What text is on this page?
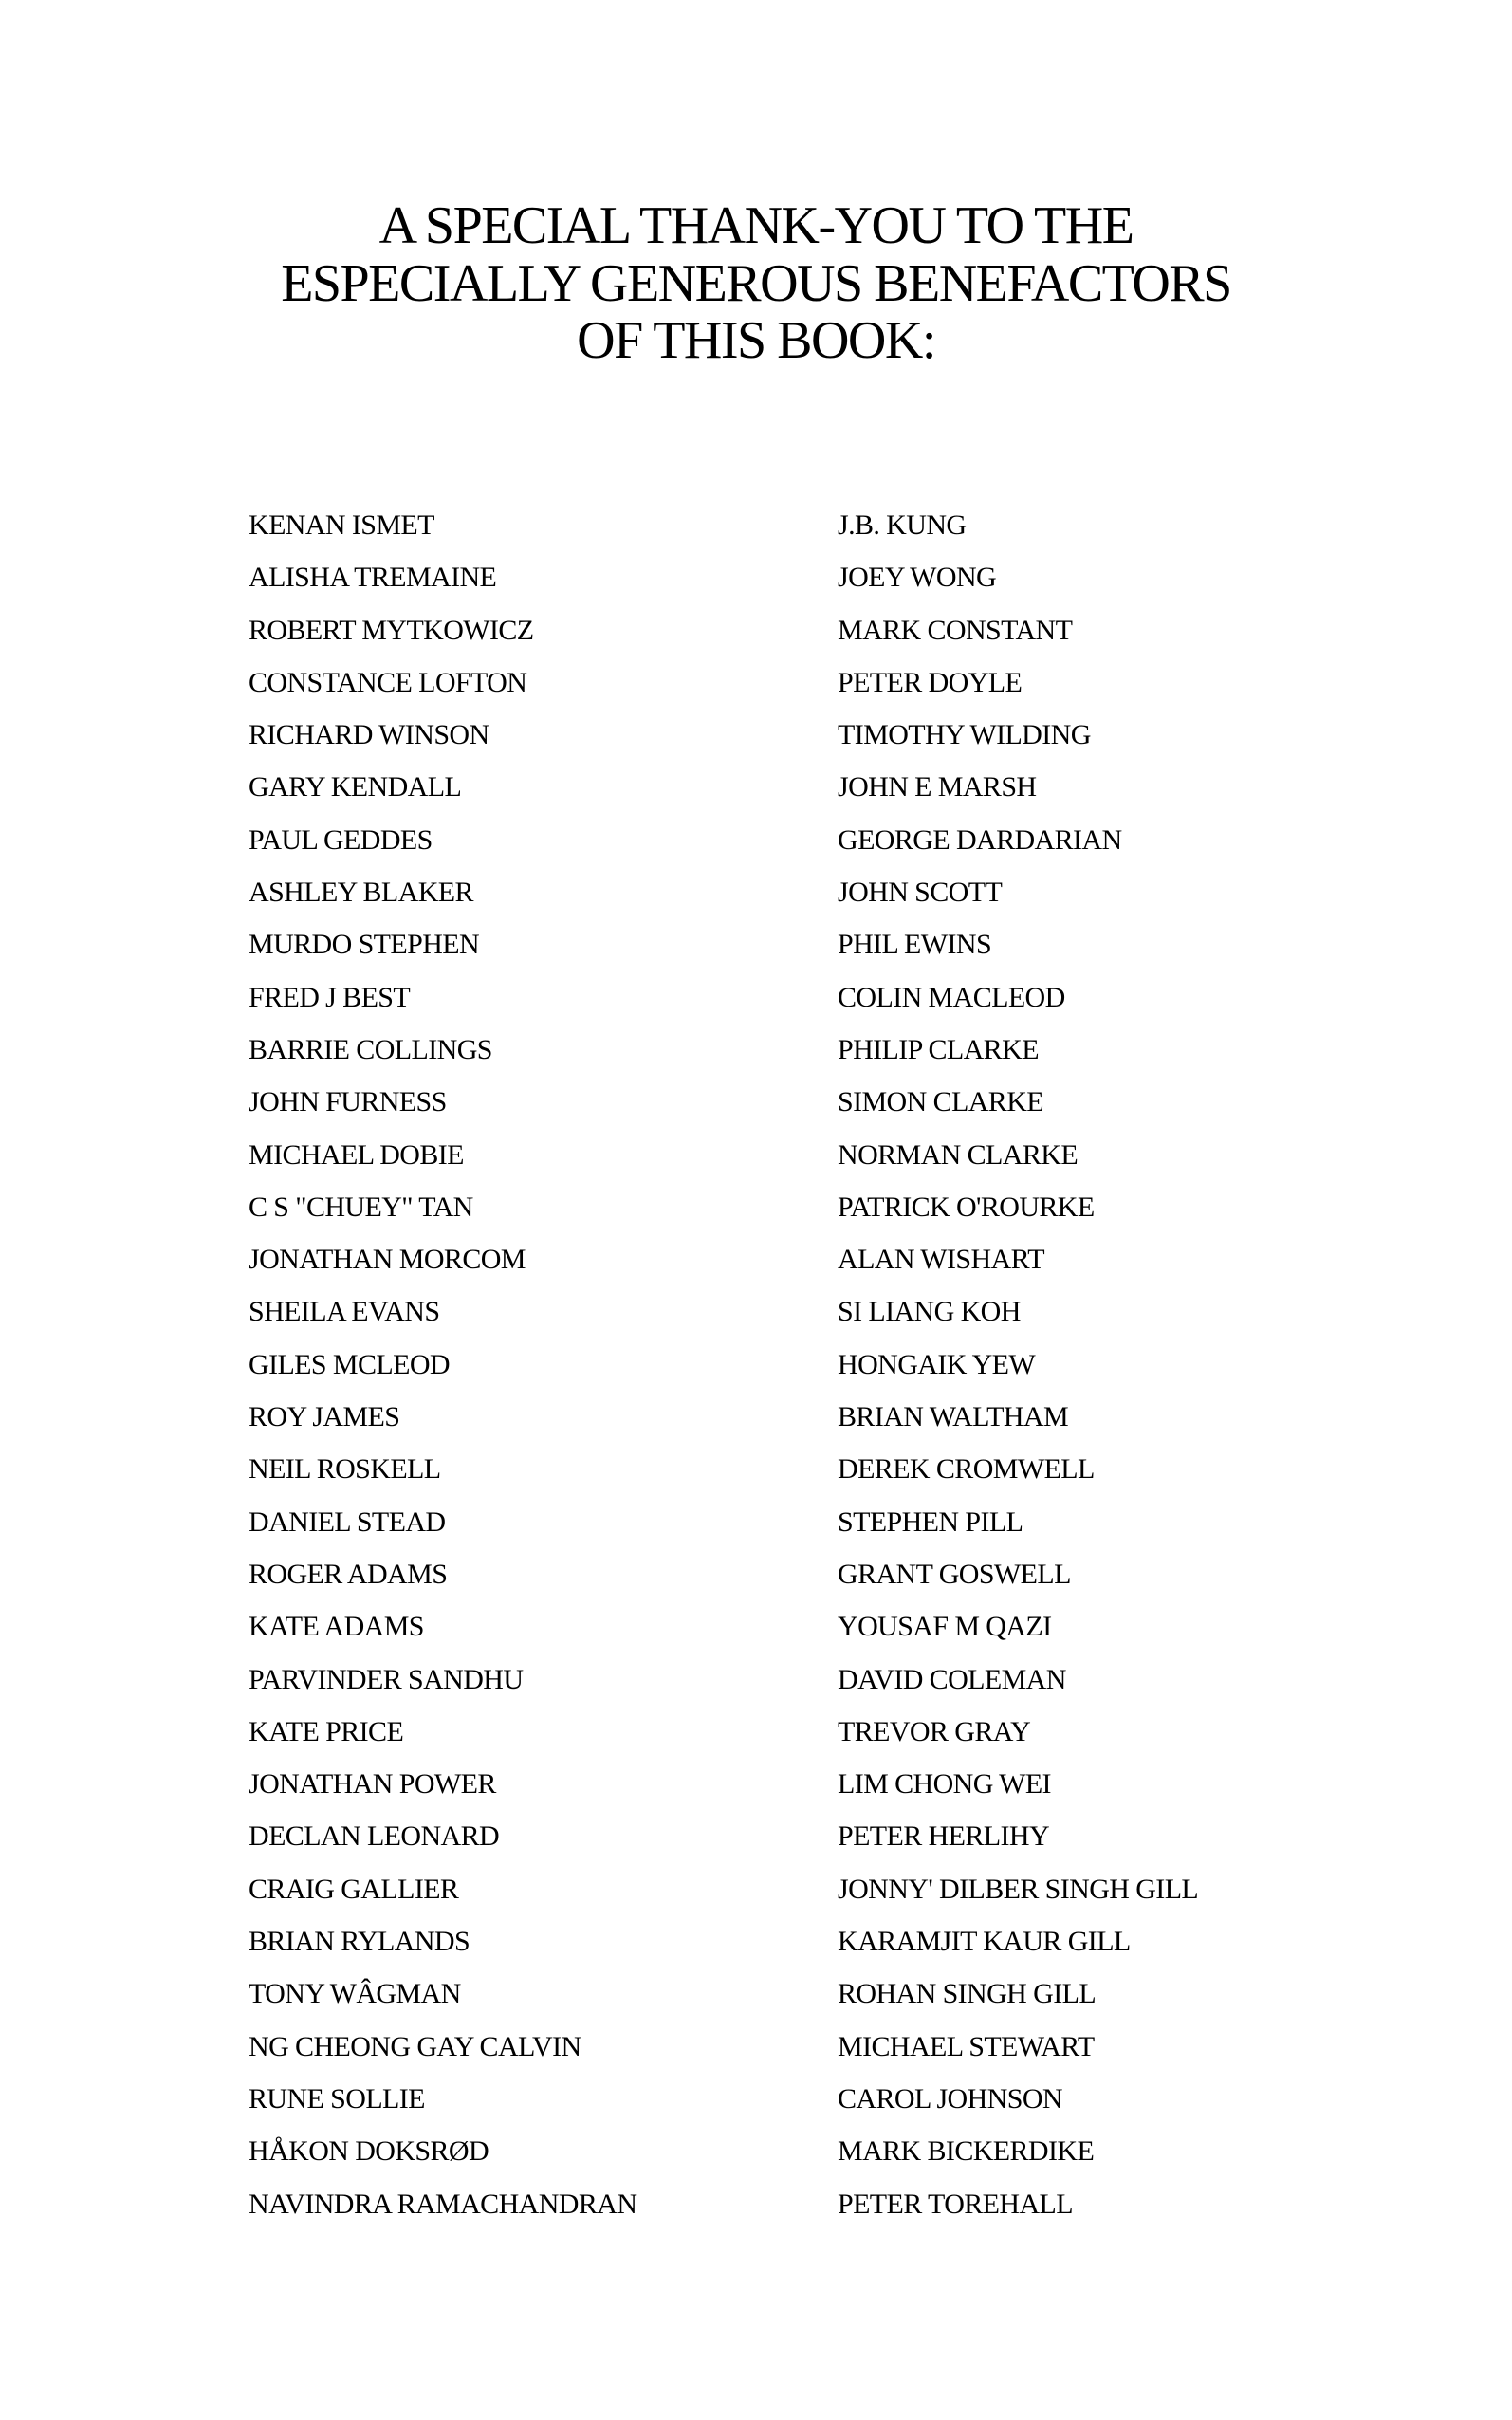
A SPECIAL THANK-YOU TO THE
ESPECIALLY GENEROUS BENEFACTORS
OF THIS BOOK:
KENAN ISMET
ALISHA TREMAINE
ROBERT MYTKOWICZ
CONSTANCE LOFTON
RICHARD WINSON
GARY KENDALL
PAUL GEDDES
ASHLEY BLAKER
MURDO STEPHEN
FRED J BEST
BARRIE COLLINGS
JOHN FURNESS
MICHAEL DOBIE
C S "CHUEY" TAN
JONATHAN MORCOM
SHEILA EVANS
GILES MCLEOD
ROY JAMES
NEIL ROSKELL
DANIEL STEAD
ROGER ADAMS
KATE ADAMS
PARVINDER SANDHU
KATE PRICE
JONATHAN POWER
DECLAN LEONARD
CRAIG GALLIER
BRIAN RYLANDS
TONY WÂGMAN
NG CHEONG GAY CALVIN
RUNE SOLLIE
HÅKON DOKSRØD
NAVINDRA RAMACHANDRAN
J.B. KUNG
JOEY WONG
MARK CONSTANT
PETER DOYLE
TIMOTHY WILDING
JOHN E MARSH
GEORGE DARDARIAN
JOHN SCOTT
PHIL EWINS
COLIN MACLEOD
PHILIP CLARKE
SIMON CLARKE
NORMAN CLARKE
PATRICK O'ROURKE
ALAN WISHART
SI LIANG KOH
HONGAIK YEW
BRIAN WALTHAM
DEREK CROMWELL
STEPHEN PILL
GRANT GOSWELL
YOUSAF M QAZI
DAVID COLEMAN
TREVOR GRAY
LIM CHONG WEI
PETER HERLIHY
JONNY' DILBER SINGH GILL
KARAMJIT KAUR GILL
ROHAN SINGH GILL
MICHAEL STEWART
CAROL JOHNSON
MARK BICKERDIKE
PETER TOREHALL
